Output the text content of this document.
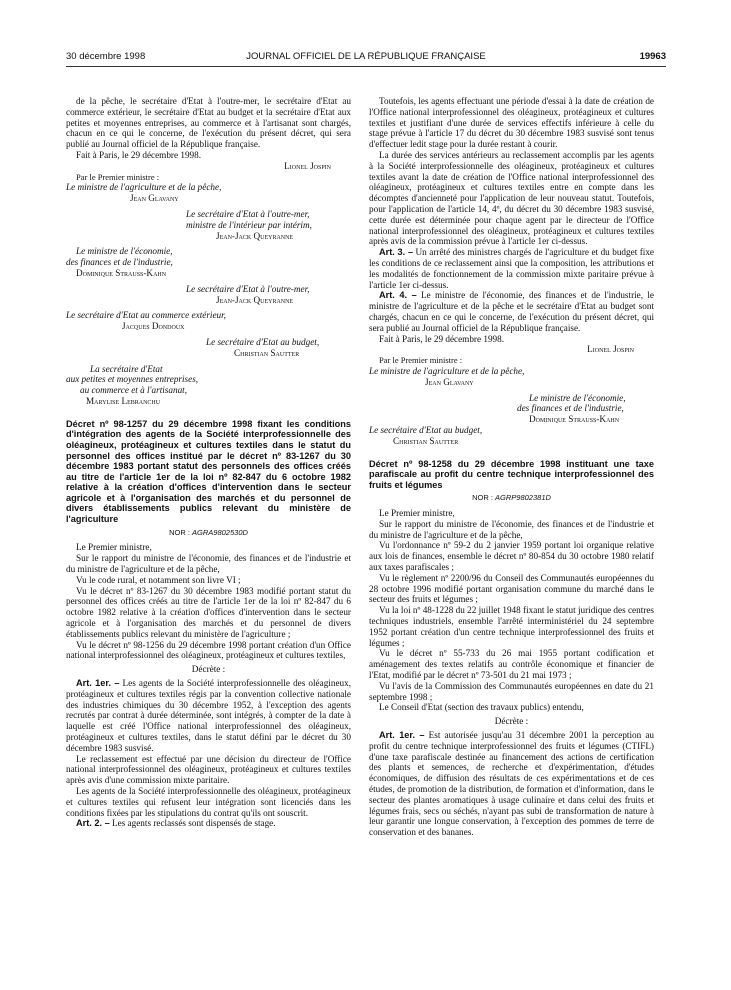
30 décembre 1998	JOURNAL OFFICIEL DE LA RÉPUBLIQUE FRANÇAISE	19963

de la pêche, le secrétaire d'Etat à l'outre-mer, le secrétaire d'Etat au commerce extérieur, le secrétaire d'Etat au budget et la secrétaire d'Etat aux petites et moyennes entreprises, au commerce et à l'artisanat sont chargés, chacun en ce qui le concerne, de l'exécution du présent décret, qui sera publié au Journal officiel de la République française.

Fait à Paris, le 29 décembre 1998.

Lionel Jospin

Par le Premier ministre :

Le ministre de l'agriculture et de la pêche,

Jean Glavany

Le secrétaire d'Etat à l'outre-mer,

ministre de l'intérieur par intérim,

Jean-Jack Queyranne

Le ministre de l'économie,

des finances et de l'industrie,

Dominique Strauss-Kahn

Le secrétaire d'Etat à l'outre-mer,

Jean-Jack Queyranne

Le secrétaire d'Etat au commerce extérieur,

Jacques Dondoux

Le secrétaire d'Etat au budget,

Christian Sautter

La secrétaire d'Etat

aux petites et moyennes entreprises,

au commerce et à l'artisanat,

Marylise Lebranchu

Décret nº 98-1257 du 29 décembre 1998 fixant les conditions d'intégration des agents de la Société interprofessionnelle des oléagineux, protéagineux et cultures textiles dans le statut du personnel des offices institué par le décret nº 83-1267 du 30 décembre 1983 portant statut des personnels des offices créés au titre de l'article 1er de la loi nº 82-847 du 6 octobre 1982 relative à la création d'offices d'intervention dans le secteur agricole et à l'organisation des marchés et du personnel de divers établissements publics relevant du ministère de l'agriculture

NOR : AGRA9802530D

Le Premier ministre,

Sur le rapport du ministre de l'économie, des finances et de l'industrie et du ministre de l'agriculture et de la pêche,

Vu le code rural, et notamment son livre VI ;

Vu le décret nº 83-1267 du 30 décembre 1983 modifié portant statut du personnel des offices créés au titre de l'article 1er de la loi nº 82-847 du 6 octobre 1982 relative à la création d'offices d'intervention dans le secteur agricole et à l'organisation des marchés et du personnel de divers établissements publics relevant du ministère de l'agriculture ;

Vu le décret nº 98-1256 du 29 décembre 1998 portant création d'un Office national interprofessionnel des oléagineux, protéagineux et cultures textiles,

Décrète :

Art. 1er. – Les agents de la Société interprofessionnelle des oléagineux, protéagineux et cultures textiles régis par la convention collective nationale des industries chimiques du 30 décembre 1952, à l'exception des agents recrutés par contrat à durée déterminée, sont intégrés, à compter de la date à laquelle est créé l'Office national interprofessionnel des oléagineux, protéagineux et cultures textiles, dans le statut défini par le décret du 30 décembre 1983 susvisé.

Le reclassement est effectué par une décision du directeur de l'Office national interprofessionnel des oléagineux, protéagineux et cultures textiles après avis d'une commission mixte paritaire.

Les agents de la Société interprofessionnelle des oléagineux, protéagineux et cultures textiles qui refusent leur intégration sont licenciés dans les conditions fixées par les stipulations du contrat qu'ils ont souscrit.

Art. 2. – Les agents reclassés sont dispensés de stage.

Toutefois, les agents effectuant une période d'essai à la date de création de l'Office national interprofessionnel des oléagineux, protéagineux et cultures textiles et justifiant d'une durée de services effectifs inférieure à celle du stage prévue à l'article 17 du décret du 30 décembre 1983 susvisé sont tenus d'effectuer ledit stage pour la durée restant à courir.

La durée des services antérieurs au reclassement accomplis par les agents à la Société interprofessionnelle des oléagineux, protéagineux et cultures textiles avant la date de création de l'Office national interprofessionnel des oléagineux, protéagineux et cultures textiles entre en compte dans les décomptes d'ancienneté pour l'application de leur nouveau statut. Toutefois, pour l'application de l'article 14, 4º, du décret du 30 décembre 1983 susvisé, cette durée est déterminée pour chaque agent par le directeur de l'Office national interprofessionnel des oléagineux, protéagineux et cultures textiles après avis de la commission prévue à l'article 1er ci-dessus.

Art. 3. – Un arrêté des ministres chargés de l'agriculture et du budget fixe les conditions de ce reclassement ainsi que la composition, les attributions et les modalités de fonctionnement de la commission mixte paritaire prévue à l'article 1er ci-dessus.

Art. 4. – Le ministre de l'économie, des finances et de l'industrie, le ministre de l'agriculture et de la pêche et le secrétaire d'Etat au budget sont chargés, chacun en ce qui le concerne, de l'exécution du présent décret, qui sera publié au Journal officiel de la République française.

Fait à Paris, le 29 décembre 1998.

Lionel Jospin

Par le Premier ministre :

Le ministre de l'agriculture et de la pêche,

Jean Glavany

Le ministre de l'économie,

des finances et de l'industrie,

Dominique Strauss-Kahn

Le secrétaire d'Etat au budget,

Christian Sautter

Décret nº 98-1258 du 29 décembre 1998 instituant une taxe parafiscale au profit du centre technique interprofessionnel des fruits et légumes

NOR : AGRP9802381D

Le Premier ministre,

Sur le rapport du ministre de l'économie, des finances et de l'industrie et du ministre de l'agriculture et de la pêche,

Vu l'ordonnance nº 59-2 du 2 janvier 1959 portant loi organique relative aux lois de finances, ensemble le décret nº 80-854 du 30 octobre 1980 relatif aux taxes parafiscales ;

Vu le règlement nº 2200/96 du Conseil des Communautés européennes du 28 octobre 1996 modifié portant organisation commune du marché dans le secteur des fruits et légumes ;

Vu la loi nº 48-1228 du 22 juillet 1948 fixant le statut juridique des centres techniques industriels, ensemble l'arrêté interministériel du 24 septembre 1952 portant création d'un centre technique interprofessionnel des fruits et légumes ;

Vu le décret nº 55-733 du 26 mai 1955 portant codification et aménagement des textes relatifs au contrôle économique et financier de l'Etat, modifié par le décret nº 73-501 du 21 mai 1973 ;

Vu l'avis de la Commission des Communautés européennes en date du 21 septembre 1998 ;

Le Conseil d'Etat (section des travaux publics) entendu,

Décrète :

Art. 1er. – Est autorisée jusqu'au 31 décembre 2001 la perception au profit du centre technique interprofessionnel des fruits et légumes (CTIFL) d'une taxe parafiscale destinée au financement des actions de certification des plants et semences, de recherche et d'expérimentation, d'études économiques, de diffusion des résultats de ces expérimentations et de ces études, de promotion de la distribution, de formation et d'information, dans le secteur des plantes aromatiques à usage culinaire et dans celui des fruits et légumes frais, secs ou séchés, n'ayant pas subi de transformation de nature à leur garantir une longue conservation, à l'exception des pommes de terre de conservation et des bananes.
